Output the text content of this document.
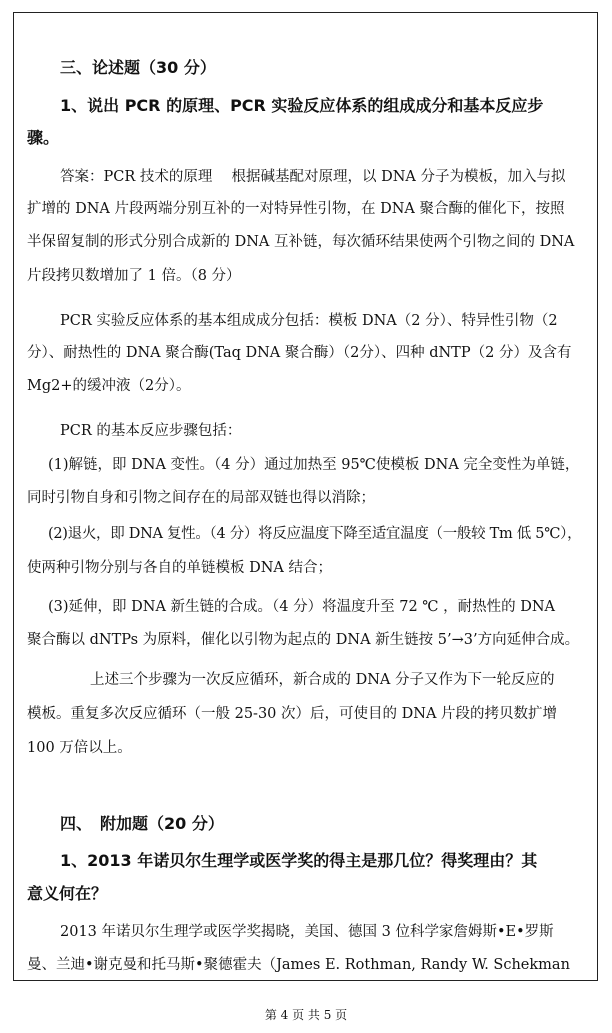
三、论述题（30 分）
1、说出 PCR 的原理、PCR 实验反应体系的组成成分和基本反应步
骤。
答案：PCR 技术的原理　 根据碱基配对原理，以 DNA 分子为模板，加入与拟
扩增的 DNA 片段两端分别互补的一对特异性引物，在 DNA 聚合酶的催化下，按照
半保留复制的形式分别合成新的 DNA 互补链，每次循环结果使两个引物之间的 DNA
片段拷贝数增加了 1 倍。（8 分）
PCR 实验反应体系的基本组成成分包括：模板 DNA（2 分）、特异性引物（2
分）、耐热性的 DNA 聚合酶(Taq DNA 聚合酶）（2分）、四种 dNTP（2 分）及含有
Mg2+的缓冲液（2分）。
PCR 的基本反应步骤包括：
(1)解链，即 DNA 变性。（4 分）通过加热至 95℃使模板 DNA 完全变性为单链，
同时引物自身和引物之间存在的局部双链也得以消除；
(2)退火，即 DNA 复性。（4 分）将反应温度下降至适宜温度（一般较 Tm 低 5℃），
使两种引物分别与各自的单链模板 DNA 结合；
(3)延伸，即 DNA 新生链的合成。（4 分）将温度升至 72 ℃ ，耐热性的 DNA
聚合酶以 dNTPs 为原料，催化以引物为起点的 DNA 新生链按 5’→3’方向延伸合成。
上述三个步骤为一次反应循环，新合成的 DNA 分子又作为下一轮反应的
模板。重复多次反应循环（一般 25-30 次）后，可使目的 DNA 片段的拷贝数扩增
100 万倍以上。
四、　附加题（20 分）
1、2013 年诺贝尔生理学或医学奖的得主是那几位？得奖理由？其
意义何在？
2013 年诺贝尔生理学或医学奖揭晓，美国、德国 3 位科学家詹姆斯•E•罗斯
曼、兰迪•谢克曼和托马斯•聚德霍夫（James E. Rothman, Randy W. Schekman
第 4 页 共 5 页
